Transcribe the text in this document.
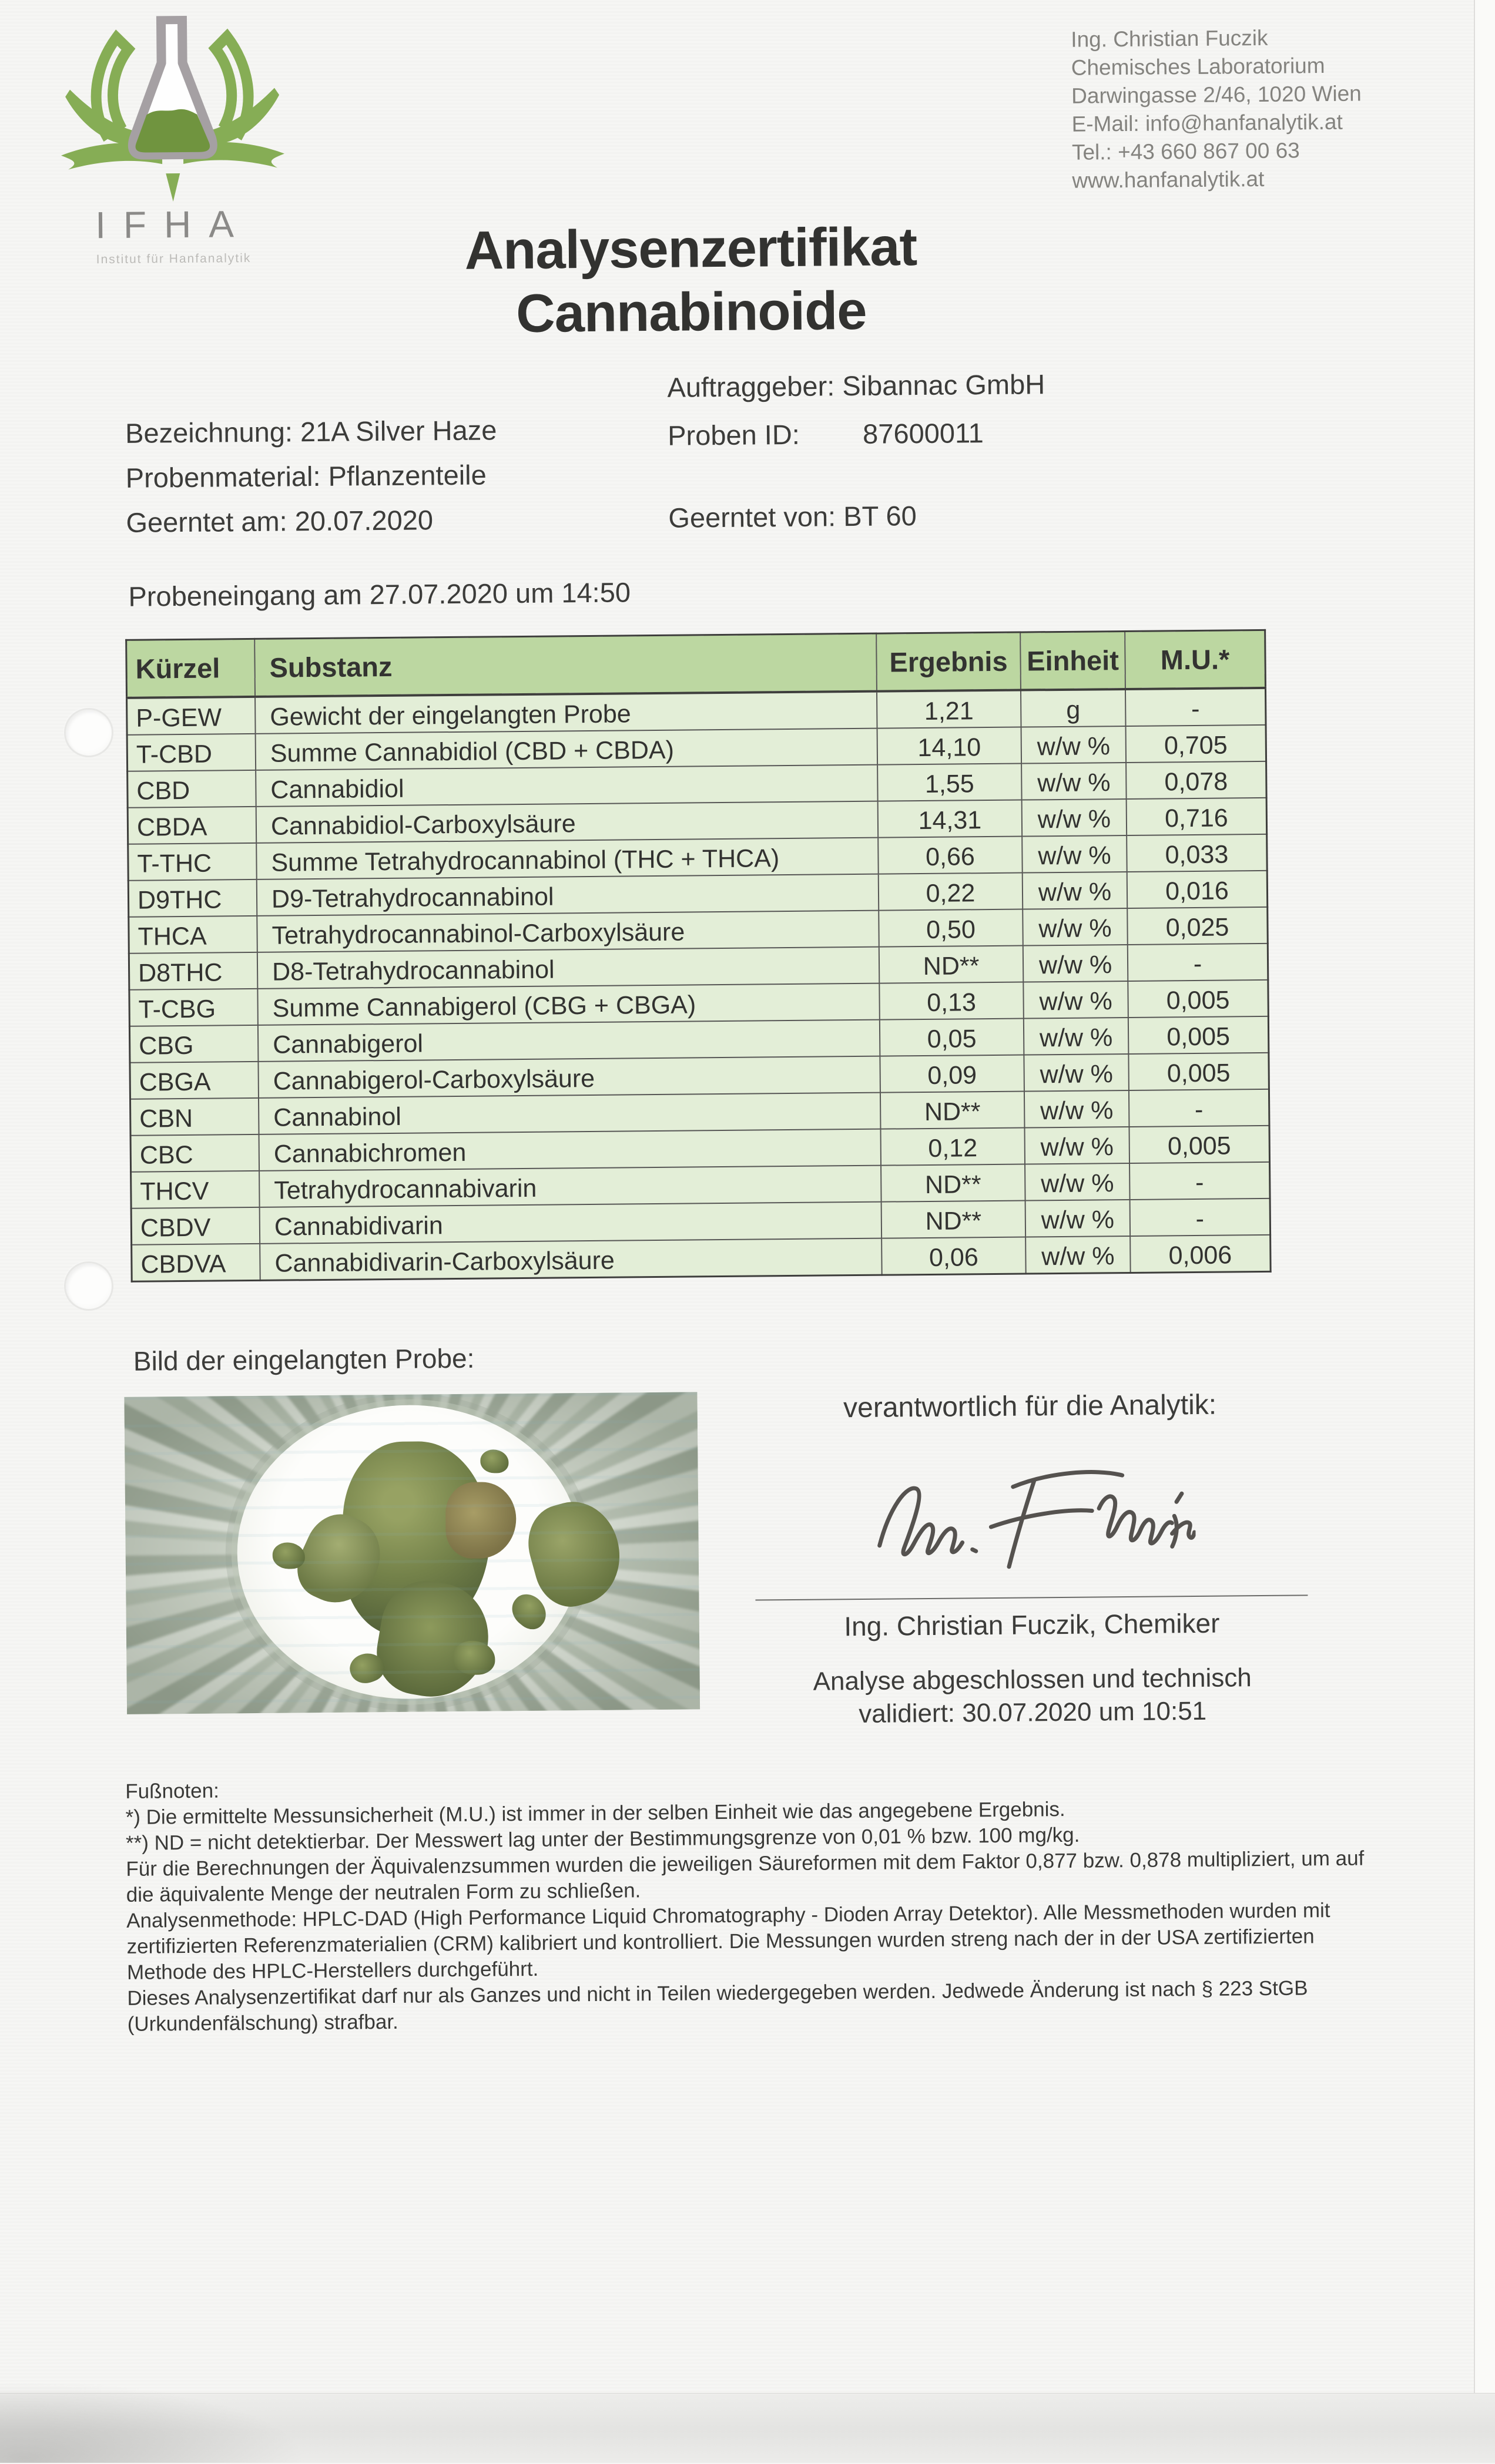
IFHA
Institut für Hanfanalytik
Ing. Christian Fuczik
Chemisches Laboratorium
Darwingasse 2/46, 1020 Wien
E-Mail: info@hanfanalytik.at
Tel.: +43 660 867 00 63
www.hanfanalytik.at
Analysenzertifikat
Cannabinoide
Bezeichnung: 21A Silver Haze
Probenmaterial: Pflanzenteile
Geerntet am: 20.07.2020
Auftraggeber: Sibannac GmbH
Proben ID: 87600011
Geerntet von: BT 60
Probeneingang am 27.07.2020 um 14:50
Kürzel	Substanz	Ergebnis	Einheit	M.U.*
P-GEW	Gewicht der eingelangten Probe	1,21	g	-
T-CBD	Summe Cannabidiol (CBD + CBDA)	14,10	w/w %	0,705
CBD	Cannabidiol	1,55	w/w %	0,078
CBDA	Cannabidiol-Carboxylsäure	14,31	w/w %	0,716
T-THC	Summe Tetrahydrocannabinol (THC + THCA)	0,66	w/w %	0,033
D9THC	D9-Tetrahydrocannabinol	0,22	w/w %	0,016
THCA	Tetrahydrocannabinol-Carboxylsäure	0,50	w/w %	0,025
D8THC	D8-Tetrahydrocannabinol	ND**	w/w %	-
T-CBG	Summe Cannabigerol (CBG + CBGA)	0,13	w/w %	0,005
CBG	Cannabigerol	0,05	w/w %	0,005
CBGA	Cannabigerol-Carboxylsäure	0,09	w/w %	0,005
CBN	Cannabinol	ND**	w/w %	-
CBC	Cannabichromen	0,12	w/w %	0,005
THCV	Tetrahydrocannabivarin	ND**	w/w %	-
CBDV	Cannabidivarin	ND**	w/w %	-
CBDVA	Cannabidivarin-Carboxylsäure	0,06	w/w %	0,006
Bild der eingelangten Probe:
verantwortlich für die Analytik:
Ing. Christian Fuczik, Chemiker
Analyse abgeschlossen und technisch
validiert: 30.07.2020 um 10:51
Fußnoten:
*) Die ermittelte Messunsicherheit (M.U.) ist immer in der selben Einheit wie das angegebene Ergebnis.
**) ND = nicht detektierbar. Der Messwert lag unter der Bestimmungsgrenze von 0,01 % bzw. 100 mg/kg.
Für die Berechnungen der Äquivalenzsummen wurden die jeweiligen Säureformen mit dem Faktor 0,877 bzw. 0,878 multipliziert, um auf
die äquivalente Menge der neutralen Form zu schließen.
Analysenmethode: HPLC-DAD (High Performance Liquid Chromatography - Dioden Array Detektor). Alle Messmethoden wurden mit
zertifizierten Referenzmaterialien (CRM) kalibriert und kontrolliert. Die Messungen wurden streng nach der in der USA zertifizierten
Methode des HPLC-Herstellers durchgeführt.
Dieses Analysenzertifikat darf nur als Ganzes und nicht in Teilen wiedergegeben werden. Jedwede Änderung ist nach § 223 StGB
(Urkundenfälschung) strafbar.
